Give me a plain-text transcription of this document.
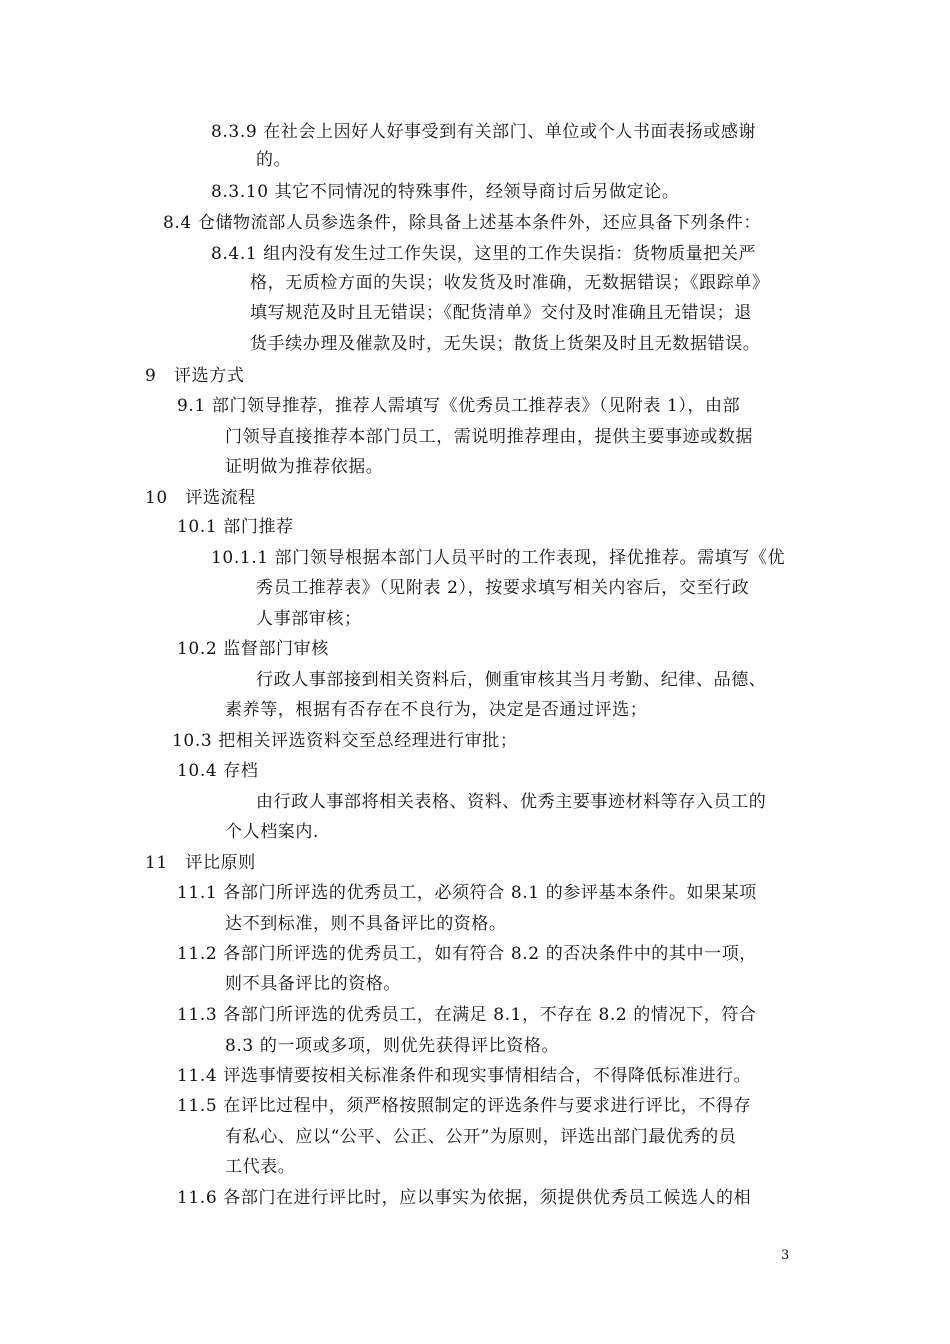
8.3.9 在社会上因好人好事受到有关部门、单位或个人书面表扬或感谢
的。
8.3.10 其它不同情况的特殊事件，经领导商讨后另做定论。
8.4 仓储物流部人员参选条件，除具备上述基本条件外，还应具备下列条件：
8.4.1 组内没有发生过工作失误，这里的工作失误指：货物质量把关严
格，无质检方面的失误；收发货及时准确，无数据错误；《跟踪单》
填写规范及时且无错误；《配货清单》交付及时准确且无错误；退
货手续办理及催款及时，无失误；散货上货架及时且无数据错误。
9　评选方式
9.1 部门领导推荐，推荐人需填写《优秀员工推荐表》（见附表 1），由部
门领导直接推荐本部门员工，需说明推荐理由，提供主要事迹或数据
证明做为推荐依据。
10　评选流程
10.1 部门推荐
10.1.1 部门领导根据本部门人员平时的工作表现，择优推荐。需填写《优
秀员工推荐表》（见附表 2），按要求填写相关内容后，交至行政
人事部审核；
10.2 监督部门审核
行政人事部接到相关资料后，侧重审核其当月考勤、纪律、品德、
素养等，根据有否存在不良行为，决定是否通过评选；
10.3 把相关评选资料交至总经理进行审批；
10.4 存档
由行政人事部将相关表格、资料、优秀主要事迹材料等存入员工的
个人档案内.
11　评比原则
11.1 各部门所评选的优秀员工，必须符合 8.1 的参评基本条件。如果某项
达不到标准，则不具备评比的资格。
11.2 各部门所评选的优秀员工，如有符合 8.2 的否决条件中的其中一项，
则不具备评比的资格。
11.3 各部门所评选的优秀员工，在满足 8.1，不存在 8.2 的情况下，符合
8.3 的一项或多项，则优先获得评比资格。
11.4 评选事情要按相关标准条件和现实事情相结合，不得降低标准进行。
11.5 在评比过程中，须严格按照制定的评选条件与要求进行评比，不得存
有私心、应以“公平、公正、公开”为原则，评选出部门最优秀的员
工代表。
11.6 各部门在进行评比时，应以事实为依据，须提供优秀员工候选人的相
3
